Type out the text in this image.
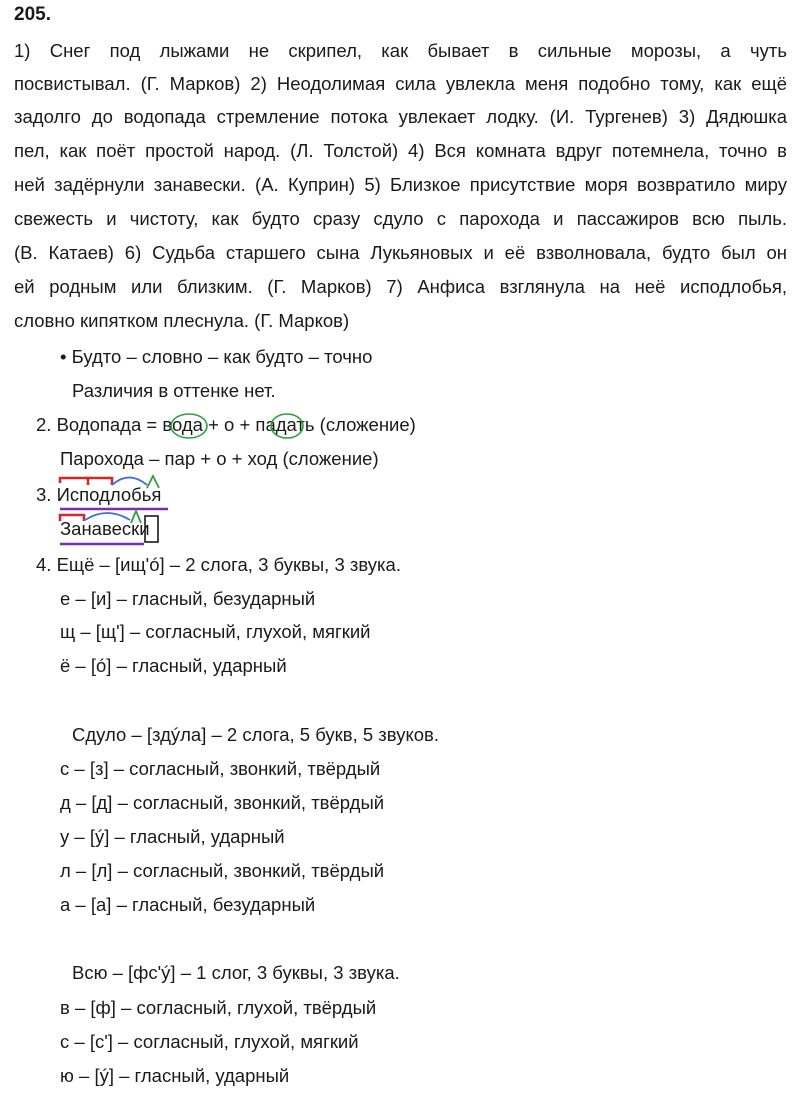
205.
1) Снег под лыжами не скрипел, как бывает в сильные морозы, а чуть
посвистывал. (Г. Марков) 2) Неодолимая сила увлекла меня подобно тому, как ещё
задолго до водопада стремление потока увлекает лодку. (И. Тургенев) 3) Дядюшка
пел, как поёт простой народ. (Л. Толстой) 4) Вся комната вдруг потемнела, точно в
ней задёрнули занавески. (А. Куприн) 5) Близкое присутствие моря возвратило миру
свежесть и чистоту, как будто сразу сдуло с парохода и пассажиров всю пыль.
(В. Катаев) 6) Судьба старшего сына Лукьяновых и её взволновала, будто был он
ей родным или близким. (Г. Марков) 7) Анфиса взглянула на неё исподлобья,
словно кипятком плеснула. (Г. Марков)
• Будто – словно – как будто – точно
Различия в оттенке нет.
2. Водопада = вода + о + падать (сложение)
Парохода – пар + о + ход (сложение)
3. Исподлобья
Занавески
4. Ещё – [ищ'ó] – 2 слога, 3 буквы, 3 звука.
е – [и] – гласный, безударный
щ – [щ'] – согласный, глухой, мягкий
ё – [ó] – гласный, ударный
Сдуло – [здýла] – 2 слога, 5 букв, 5 звуков.
с – [з] – согласный, звонкий, твёрдый
д – [д] – согласный, звонкий, твёрдый
у – [ý] – гласный, ударный
л – [л] – согласный, звонкий, твёрдый
а – [а] – гласный, безударный
Всю – [фс'ý] – 1 слог, 3 буквы, 3 звука.
в – [ф] – согласный, глухой, твёрдый
с – [с'] – согласный, глухой, мягкий
ю – [ý] – гласный, ударный
